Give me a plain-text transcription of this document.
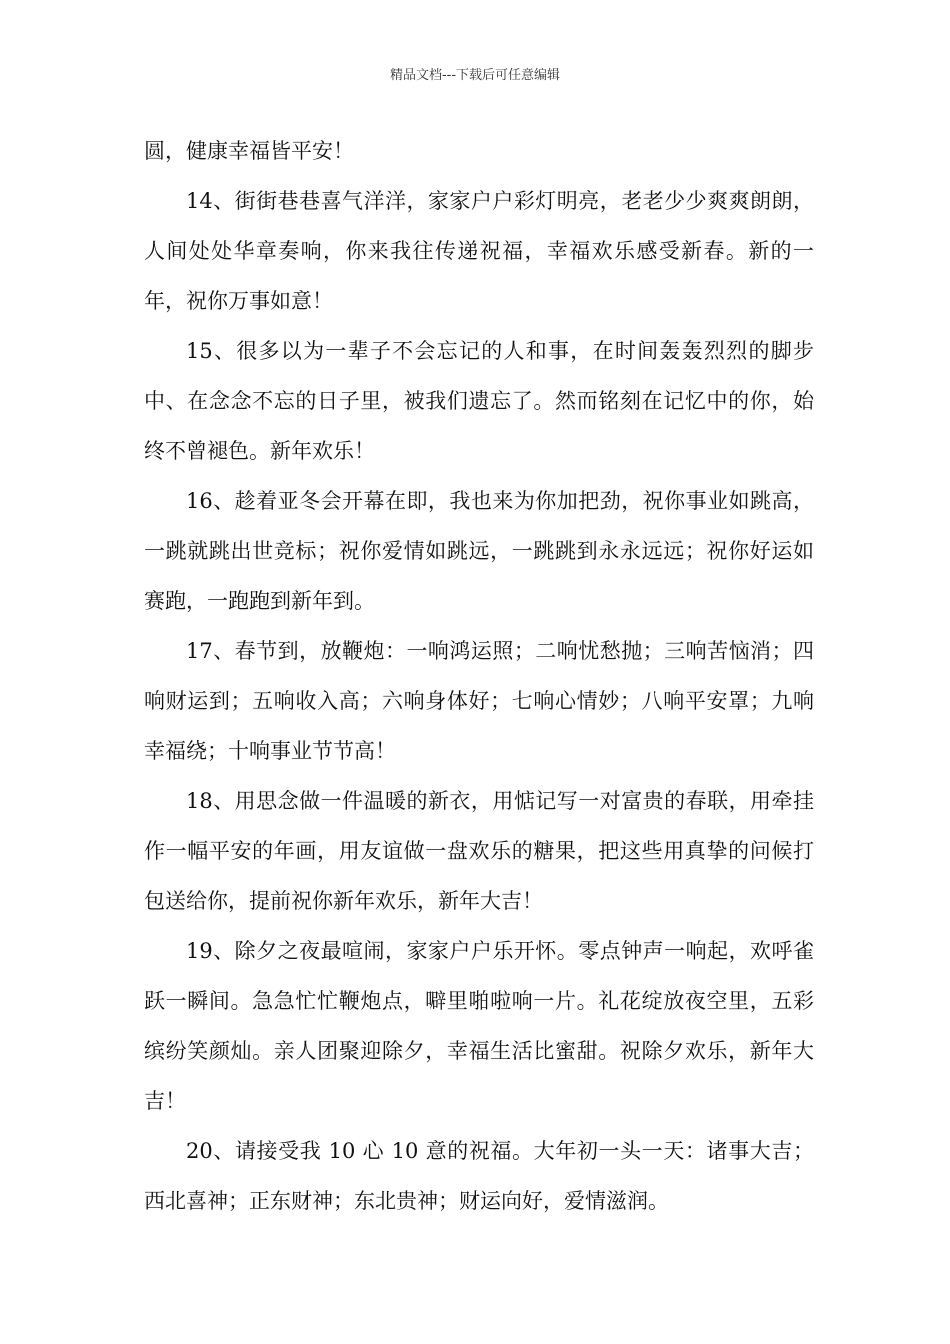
精品文档---下载后可任意编辑

圆，健康幸福皆平安！

14、街街巷巷喜气洋洋，家家户户彩灯明亮，老老少少爽爽朗朗，人间处处华章奏响，你来我往传递祝福，幸福欢乐感受新春。新的一年，祝你万事如意！

15、很多以为一辈子不会忘记的人和事，在时间轰轰烈烈的脚步中、在念念不忘的日子里，被我们遗忘了。然而铭刻在记忆中的你，始终不曾褪色。新年欢乐！

16、趁着亚冬会开幕在即，我也来为你加把劲，祝你事业如跳高，一跳就跳出世竞标；祝你爱情如跳远，一跳跳到永永远远；祝你好运如赛跑，一跑跑到新年到。

17、春节到，放鞭炮：一响鸿运照；二响忧愁抛；三响苦恼消；四响财运到；五响收入高；六响身体好；七响心情妙；八响平安罩；九响幸福绕；十响事业节节高！

18、用思念做一件温暖的新衣，用惦记写一对富贵的春联，用牵挂作一幅平安的年画，用友谊做一盘欢乐的糖果，把这些用真挚的问候打包送给你，提前祝你新年欢乐，新年大吉！

19、除夕之夜最喧闹，家家户户乐开怀。零点钟声一响起，欢呼雀跃一瞬间。急急忙忙鞭炮点，噼里啪啦响一片。礼花绽放夜空里，五彩缤纷笑颜灿。亲人团聚迎除夕，幸福生活比蜜甜。祝除夕欢乐，新年大吉！

20、请接受我 10 心 10 意的祝福。大年初一头一天：诸事大吉；西北喜神；正东财神；东北贵神；财运向好，爱情滋润。
